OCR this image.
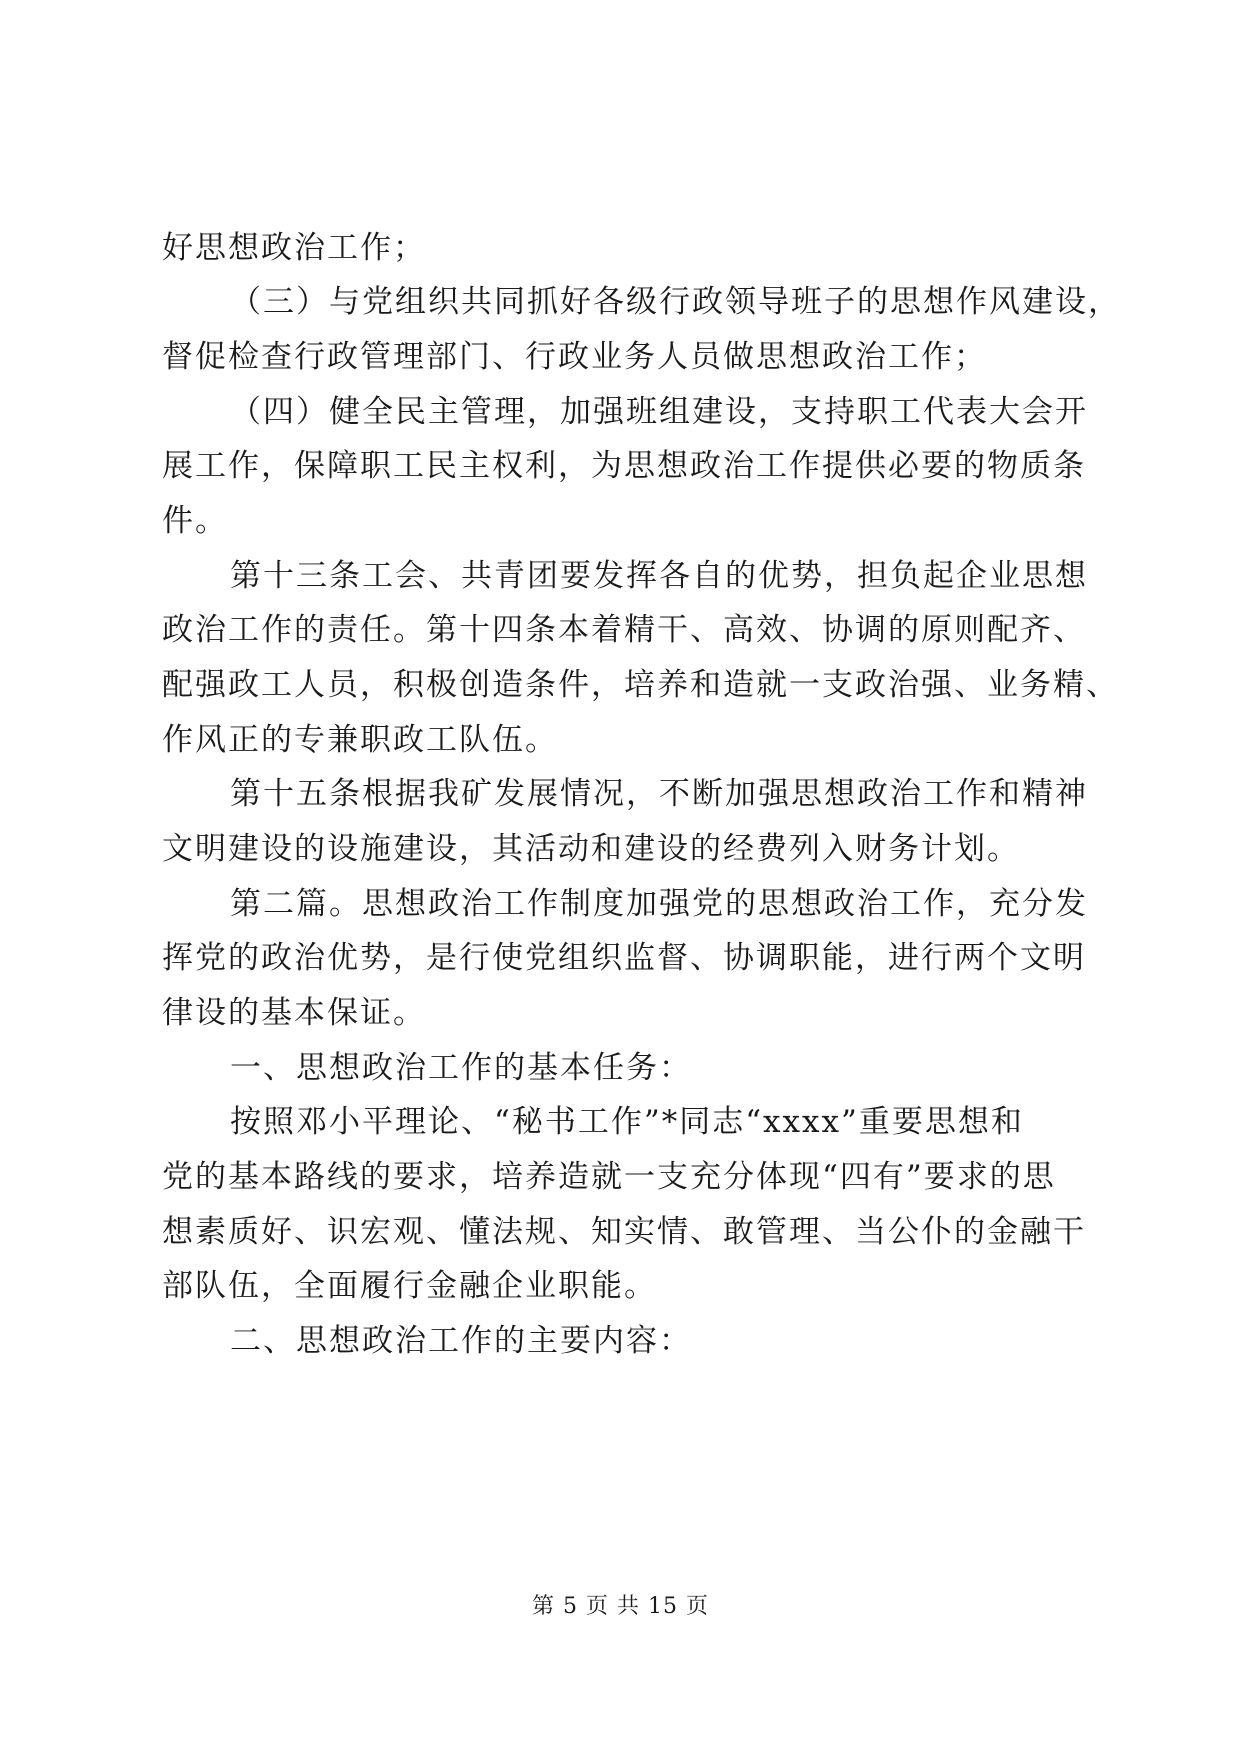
好思想政治工作；
（三）与党组织共同抓好各级行政领导班子的思想作风建设，
督促检查行政管理部门、行政业务人员做思想政治工作；
（四）健全民主管理，加强班组建设，支持职工代表大会开
展工作，保障职工民主权利，为思想政治工作提供必要的物质条
件。
第十三条工会、共青团要发挥各自的优势，担负起企业思想
政治工作的责任。第十四条本着精干、高效、协调的原则配齐、
配强政工人员，积极创造条件，培养和造就一支政治强、业务精、
作风正的专兼职政工队伍。
第十五条根据我矿发展情况，不断加强思想政治工作和精神
文明建设的设施建设，其活动和建设的经费列入财务计划。
第二篇。思想政治工作制度加强党的思想政治工作，充分发
挥党的政治优势，是行使党组织监督、协调职能，进行两个文明
律设的基本保证。
一、思想政治工作的基本任务：
按照邓小平理论、“秘书工作”*同志“xxxx”重要思想和
党的基本路线的要求，培养造就一支充分体现“四有”要求的思
想素质好、识宏观、懂法规、知实情、敢管理、当公仆的金融干
部队伍，全面履行金融企业职能。
二、思想政治工作的主要内容：
第 5 页 共 15 页
